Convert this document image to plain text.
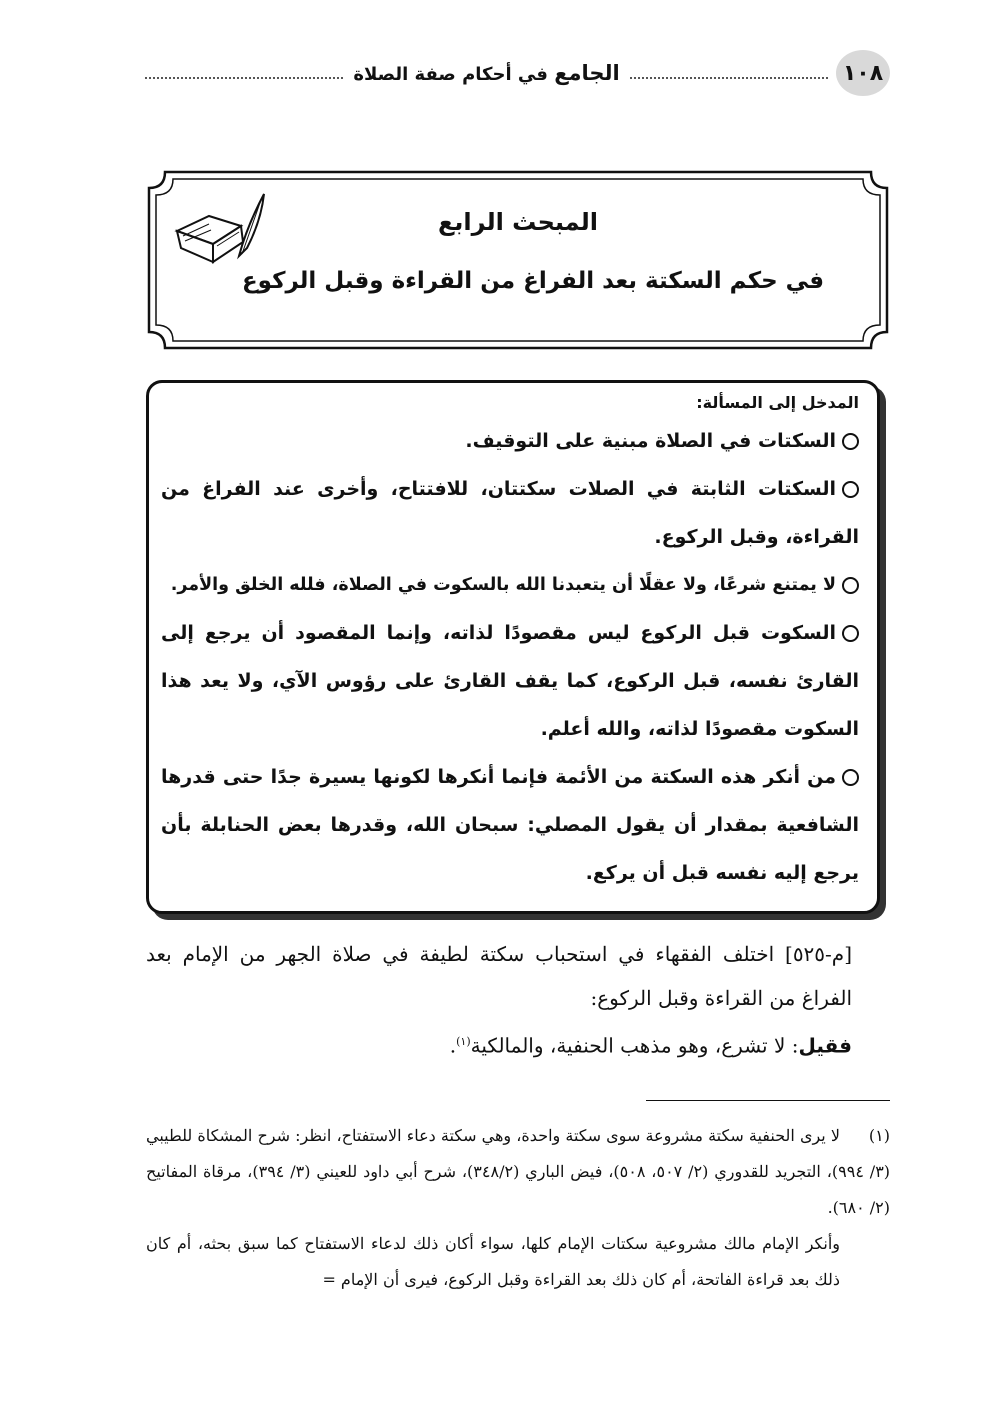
١٠٨
الجامع في أحكام صفة الصلاة
المبحث الرابع
في حكم السكتة بعد الفراغ من القراءة وقبل الركوع
المدخل إلى المسألة:
السكتات في الصلاة مبنية على التوقيف.
السكتات الثابتة في الصلات سكتتان، للافتتاح، وأخرى عند الفراغ من القراءة، وقبل الركوع.
لا يمتنع شرعًا، ولا عقلًا أن يتعبدنا الله بالسكوت في الصلاة، فلله الخلق والأمر.
السكوت قبل الركوع ليس مقصودًا لذاته، وإنما المقصود أن يرجع إلى القارئ نفسه، قبل الركوع، كما يقف القارئ على رؤوس الآي، ولا يعد هذا السكوت مقصودًا لذاته، والله أعلم.
من أنكر هذه السكتة من الأئمة فإنما أنكرها لكونها يسيرة جدًا حتى قدرها الشافعية بمقدار أن يقول المصلي: سبحان الله، وقدرها بعض الحنابلة بأن يرجع إليه نفسه قبل أن يركع.

[م-٥٢٥] اختلف الفقهاء في استحباب سكتة لطيفة في صلاة الجهر من الإمام بعد الفراغ من القراءة وقبل الركوع:

فقيل: لا تشرع، وهو مذهب الحنفية، والمالكية$^{(١)}$.

(١)لا يرى الحنفية سكتة مشروعة سوى سكتة واحدة، وهي سكتة دعاء الاستفتاح، انظر: شرح المشكاة للطيبي (٣/ ٩٩٤)، التجريد للقدوري (٢/ ٥٠٧، ٥٠٨)، فيض الباري (٣٤٨/٢)، شرح أبي داود للعيني (٣/ ٣٩٤)، مرقاة المفاتيح (٢/ ٦٨٠).

وأنكر الإمام مالك مشروعية سكتات الإمام كلها، سواء أكان ذلك لدعاء الاستفتاح كما سبق بحثه، أم كان ذلك بعد قراءة الفاتحة، أم كان ذلك بعد القراءة وقبل الركوع، فيرى أن الإمام =
